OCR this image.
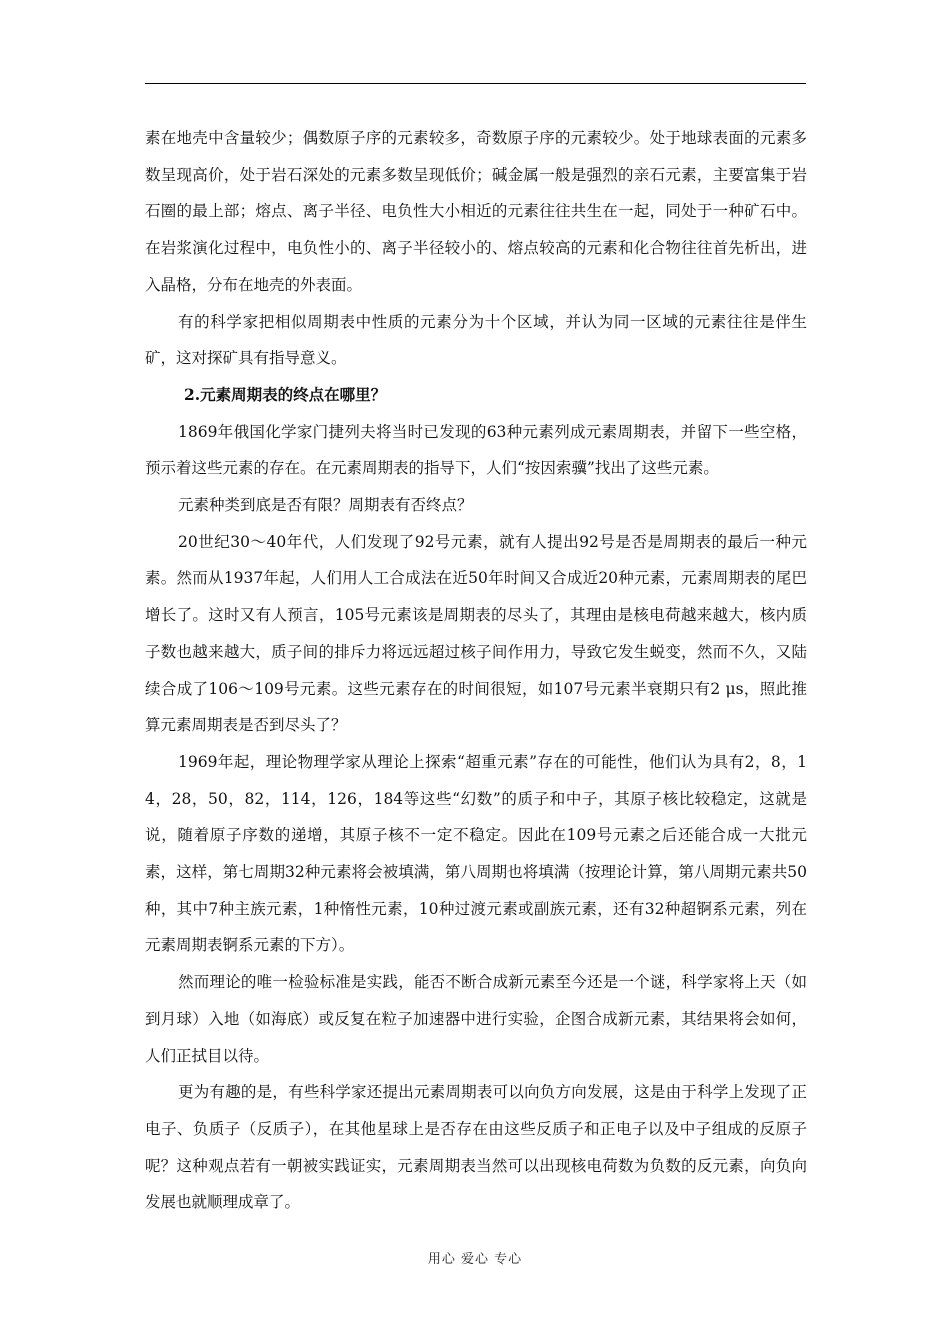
素在地壳中含量较少；偶数原子序的元素较多，奇数原子序的元素较少。处于地球表面的元素多数呈现高价，处于岩石深处的元素多数呈现低价；碱金属一般是强烈的亲石元素，主要富集于岩石圈的最上部；熔点、离子半径、电负性大小相近的元素往往共生在一起，同处于一种矿石中。在岩浆演化过程中，电负性小的、离子半径较小的、熔点较高的元素和化合物往往首先析出，进入晶格，分布在地壳的外表面。

有的科学家把相似周期表中性质的元素分为十个区域，并认为同一区域的元素往往是伴生矿，这对探矿具有指导意义。

2.元素周期表的终点在哪里？

1869年俄国化学家门捷列夫将当时已发现的63种元素列成元素周期表，并留下一些空格，预示着这些元素的存在。在元素周期表的指导下，人们“按因索骥”找出了这些元素。

元素种类到底是否有限？周期表有否终点？

20世纪30～40年代，人们发现了92号元素，就有人提出92号是否是周期表的最后一种元素。然而从1937年起，人们用人工合成法在近50年时间又合成近20种元素，元素周期表的尾巴增长了。这时又有人预言，105号元素该是周期表的尽头了，其理由是核电荷越来越大，核内质子数也越来越大，质子间的排斥力将远远超过核子间作用力，导致它发生蜕变，然而不久，又陆续合成了106～109号元素。这些元素存在的时间很短，如107号元素半衰期只有2 μs，照此推算元素周期表是否到尽头了？

1969年起，理论物理学家从理论上探索“超重元素”存在的可能性，他们认为具有2，8，14，28，50，82，114，126，184等这些“幻数”的质子和中子，其原子核比较稳定，这就是说，随着原子序数的递增，其原子核不一定不稳定。因此在109号元素之后还能合成一大批元素，这样，第七周期32种元素将会被填满，第八周期也将填满（按理论计算，第八周期元素共50种，其中7种主族元素，1种惰性元素，10种过渡元素或副族元素，还有32种超锕系元素，列在元素周期表锕系元素的下方）。

然而理论的唯一检验标准是实践，能否不断合成新元素至今还是一个谜，科学家将上天（如到月球）入地（如海底）或反复在粒子加速器中进行实验，企图合成新元素，其结果将会如何，人们正拭目以待。

更为有趣的是，有些科学家还提出元素周期表可以向负方向发展，这是由于科学上发现了正电子、负质子（反质子），在其他星球上是否存在由这些反质子和正电子以及中子组成的反原子呢？这种观点若有一朝被实践证实，元素周期表当然可以出现核电荷数为负数的反元素，向负向发展也就顺理成章了。

用心 爱心 专心
